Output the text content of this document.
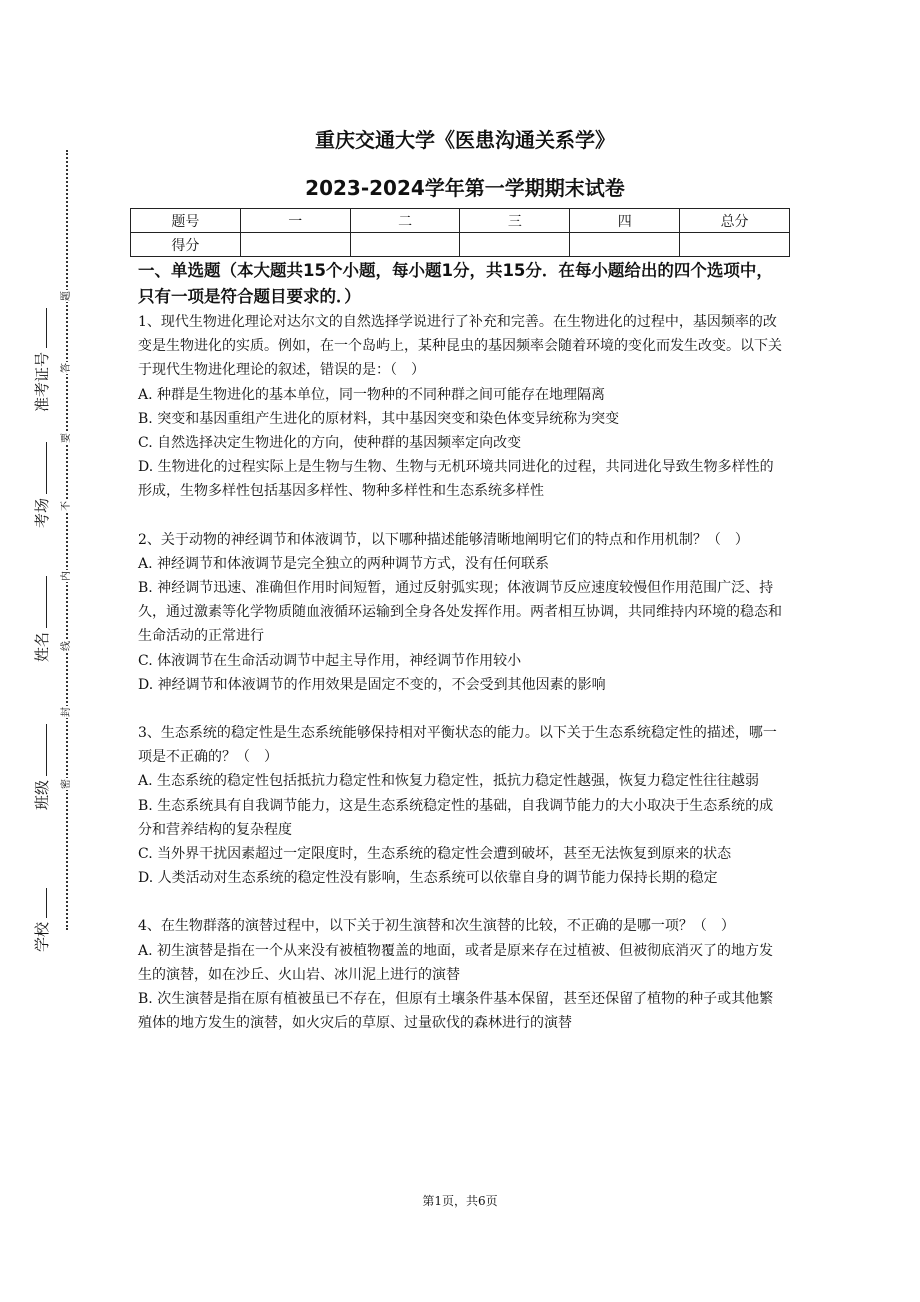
学校
班级
姓名
考场
准考证号
密
封
线
内
不
要
答
题
重庆交通大学《医患沟通关系学》
2023-2024学年第一学期期末试卷
题号	一	二	三	四	总分
得分					
一、单选题（本大题共15个小题，每小题1分，共15分．在每小题给出的四个选项中，只有一项是符合题目要求的．）

1、现代生物进化理论对达尔文的自然选择学说进行了补充和完善。在生物进化的过程中，基因频率的改变是生物进化的实质。例如，在一个岛屿上，某种昆虫的基因频率会随着环境的变化而发生改变。以下关于现代生物进化理论的叙述，错误的是：（　）

A. 种群是生物进化的基本单位，同一物种的不同种群之间可能存在地理隔离

B. 突变和基因重组产生进化的原材料，其中基因突变和染色体变异统称为突变

C. 自然选择决定生物进化的方向，使种群的基因频率定向改变

D. 生物进化的过程实际上是生物与生物、生物与无机环境共同进化的过程，共同进化导致生物多样性的形成，生物多样性包括基因多样性、物种多样性和生态系统多样性

2、关于动物的神经调节和体液调节，以下哪种描述能够清晰地阐明它们的特点和作用机制？（　）

A. 神经调节和体液调节是完全独立的两种调节方式，没有任何联系

B. 神经调节迅速、准确但作用时间短暂，通过反射弧实现；体液调节反应速度较慢但作用范围广泛、持久，通过激素等化学物质随血液循环运输到全身各处发挥作用。两者相互协调，共同维持内环境的稳态和生命活动的正常进行

C. 体液调节在生命活动调节中起主导作用，神经调节作用较小

D. 神经调节和体液调节的作用效果是固定不变的，不会受到其他因素的影响

3、生态系统的稳定性是生态系统能够保持相对平衡状态的能力。以下关于生态系统稳定性的描述，哪一项是不正确的？（　）

A. 生态系统的稳定性包括抵抗力稳定性和恢复力稳定性，抵抗力稳定性越强，恢复力稳定性往往越弱

B. 生态系统具有自我调节能力，这是生态系统稳定性的基础，自我调节能力的大小取决于生态系统的成分和营养结构的复杂程度

C. 当外界干扰因素超过一定限度时，生态系统的稳定性会遭到破坏，甚至无法恢复到原来的状态

D. 人类活动对生态系统的稳定性没有影响，生态系统可以依靠自身的调节能力保持长期的稳定

4、在生物群落的演替过程中，以下关于初生演替和次生演替的比较，不正确的是哪一项？（　）

A. 初生演替是指在一个从来没有被植物覆盖的地面，或者是原来存在过植被、但被彻底消灭了的地方发生的演替，如在沙丘、火山岩、冰川泥上进行的演替

B. 次生演替是指在原有植被虽已不存在，但原有土壤条件基本保留，甚至还保留了植物的种子或其他繁殖体的地方发生的演替，如火灾后的草原、过量砍伐的森林进行的演替

第1页，共6页
